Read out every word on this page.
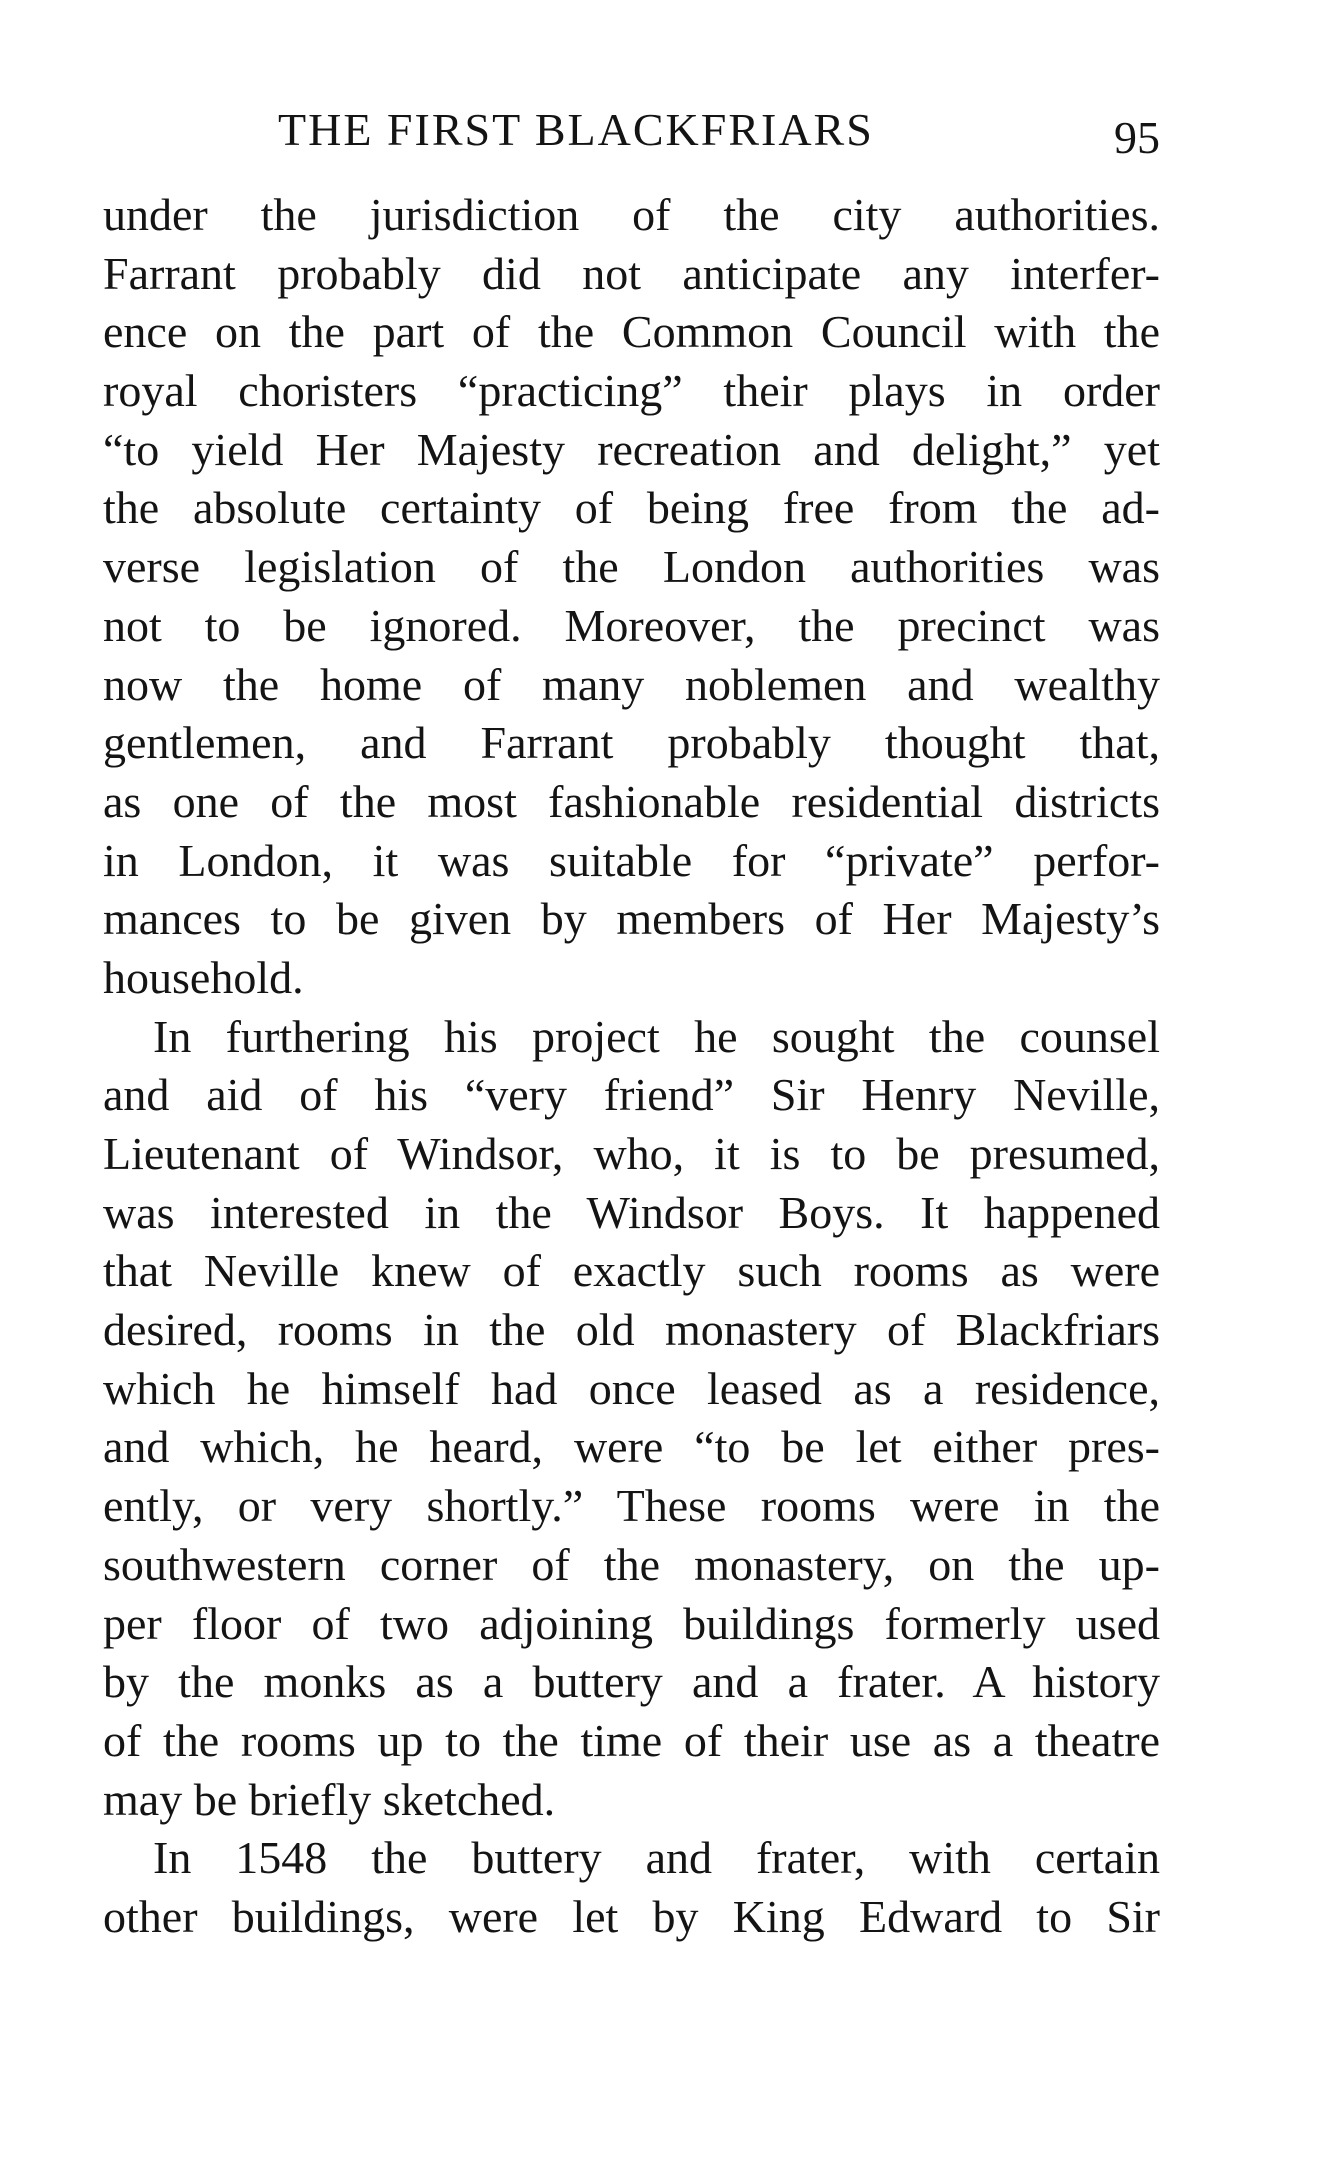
THE FIRST BLACKFRIARS	95

under the jurisdiction of the city authorities.
Farrant probably did not anticipate any interfer-
ence on the part of the Common Council with the
royal choristers “practicing” their plays in order
“to yield Her Majesty recreation and delight,” yet
the absolute certainty of being free from the ad-
verse legislation of the London authorities was
not to be ignored. Moreover, the precinct was
now the home of many noblemen and wealthy
gentlemen, and Farrant probably thought that,
as one of the most fashionable residential districts
in London, it was suitable for “private” perfor-
mances to be given by members of Her Majesty’s
household.

In furthering his project he sought the counsel
and aid of his “very friend” Sir Henry Neville,
Lieutenant of Windsor, who, it is to be presumed,
was interested in the Windsor Boys. It happened
that Neville knew of exactly such rooms as were
desired, rooms in the old monastery of Blackfriars
which he himself had once leased as a residence,
and which, he heard, were “to be let either pres-
ently, or very shortly.” These rooms were in the
southwestern corner of the monastery, on the up-
per floor of two adjoining buildings formerly used
by the monks as a buttery and a frater. A history
of the rooms up to the time of their use as a theatre
may be briefly sketched.

In 1548 the buttery and frater, with certain
other buildings, were let by King Edward to Sir
